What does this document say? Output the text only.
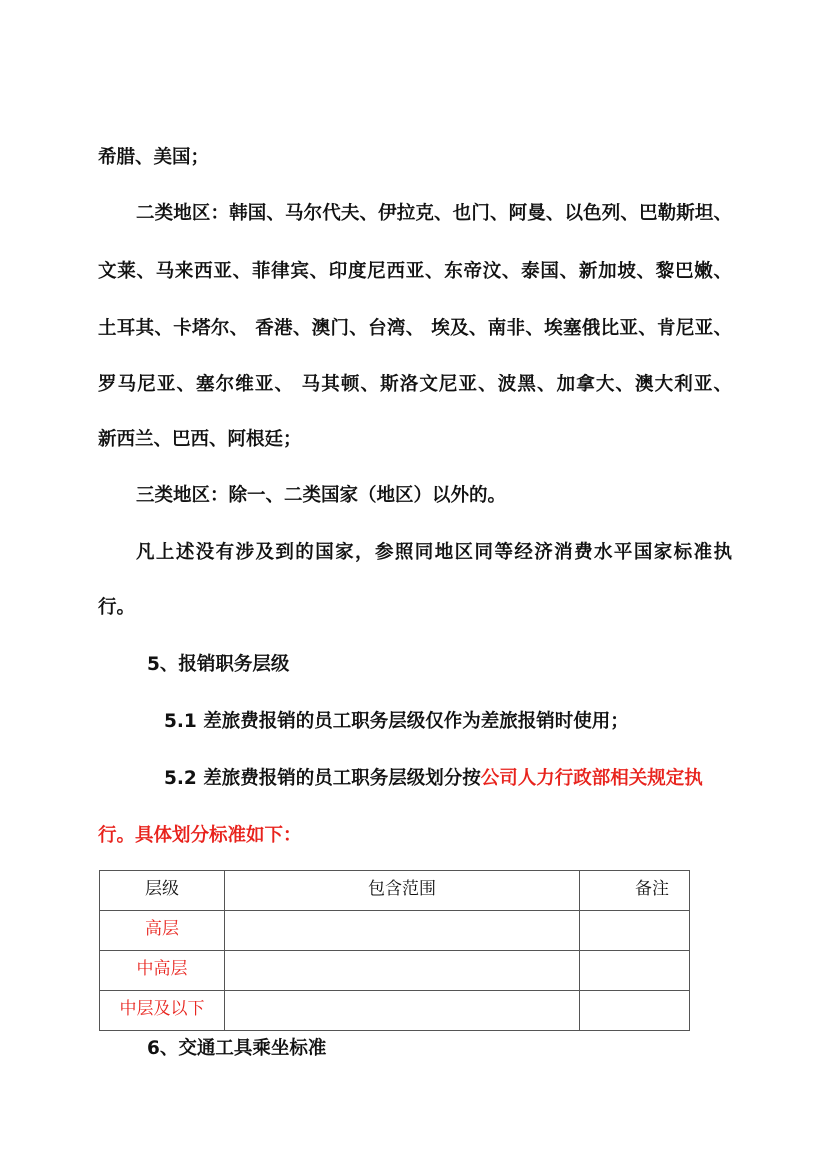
希腊、美国；
二类地区：韩国、马尔代夫、伊拉克、也门、阿曼、以色列、巴勒斯坦、
文莱、马来西亚、菲律宾、印度尼西亚、东帝汶、泰国、新加坡、黎巴嫩、
土耳其、卡塔尔、 香港、澳门、台湾、 埃及、南非、埃塞俄比亚、肯尼亚、
罗马尼亚、塞尔维亚、 马其顿、斯洛文尼亚、波黑、加拿大、澳大利亚、
新西兰、巴西、阿根廷；
三类地区：除一、二类国家（地区）以外的。
凡上述没有涉及到的国家，参照同地区同等经济消费水平国家标准执
行。
5、报销职务层级
5.1 差旅费报销的员工职务层级仅作为差旅报销时使用；
5.2 差旅费报销的员工职务层级划分按公司人力行政部相关规定执
行。具体划分标准如下：
层级	包含范围	备注
高层		
中高层		
中层及以下		
6、交通工具乘坐标准
